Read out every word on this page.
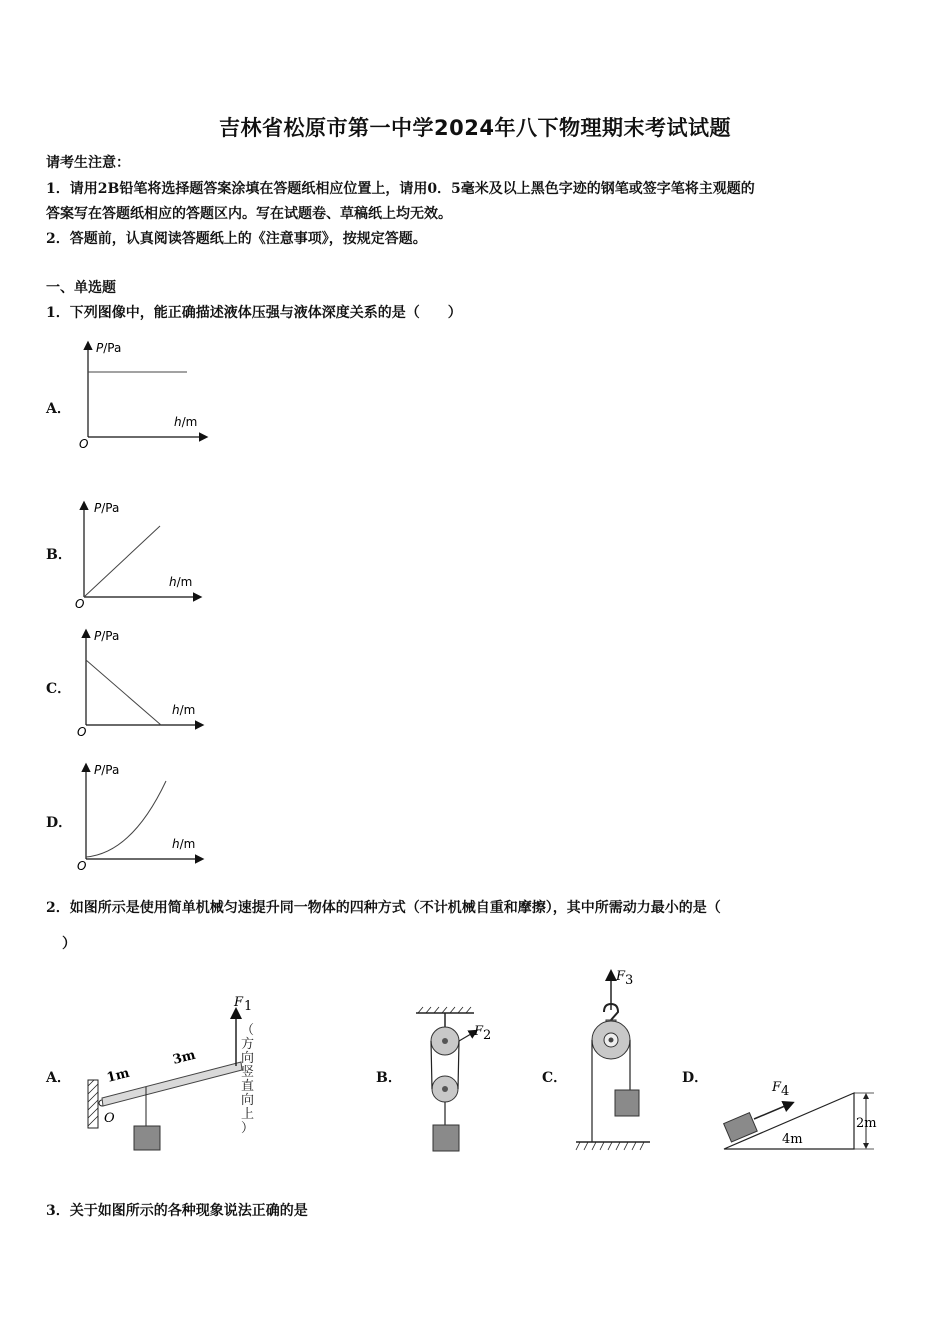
吉林省松原市第一中学2024年八下物理期末考试试题
请考生注意：
1．请用2B铅笔将选择题答案涂填在答题纸相应位置上，请用0．5毫米及以上黑色字迹的钢笔或签字笔将主观题的
答案写在答题纸相应的答题区内。写在试题卷、草稿纸上均无效。
2．答题前，认真阅读答题纸上的《注意事项》，按规定答题。
一、单选题
1．下列图像中，能正确描述液体压强与液体深度关系的是（　　）
A．
B．
C．
D．
P/Pa
h/m
O
P/Pa
h/m
O
P/Pa
h/m
O
P/Pa
h/m
O
2．如图所示是使用简单机械匀速提升同一物体的四种方式（不计机械自重和摩擦），其中所需动力最小的是（
）
A．	B．	C．	D．
F 1
1m
3m
O
（
方
向
竖
直
向
上
）
F 2
F 3
2m
4m
F 4
3．关于如图所示的各种现象说法正确的是
